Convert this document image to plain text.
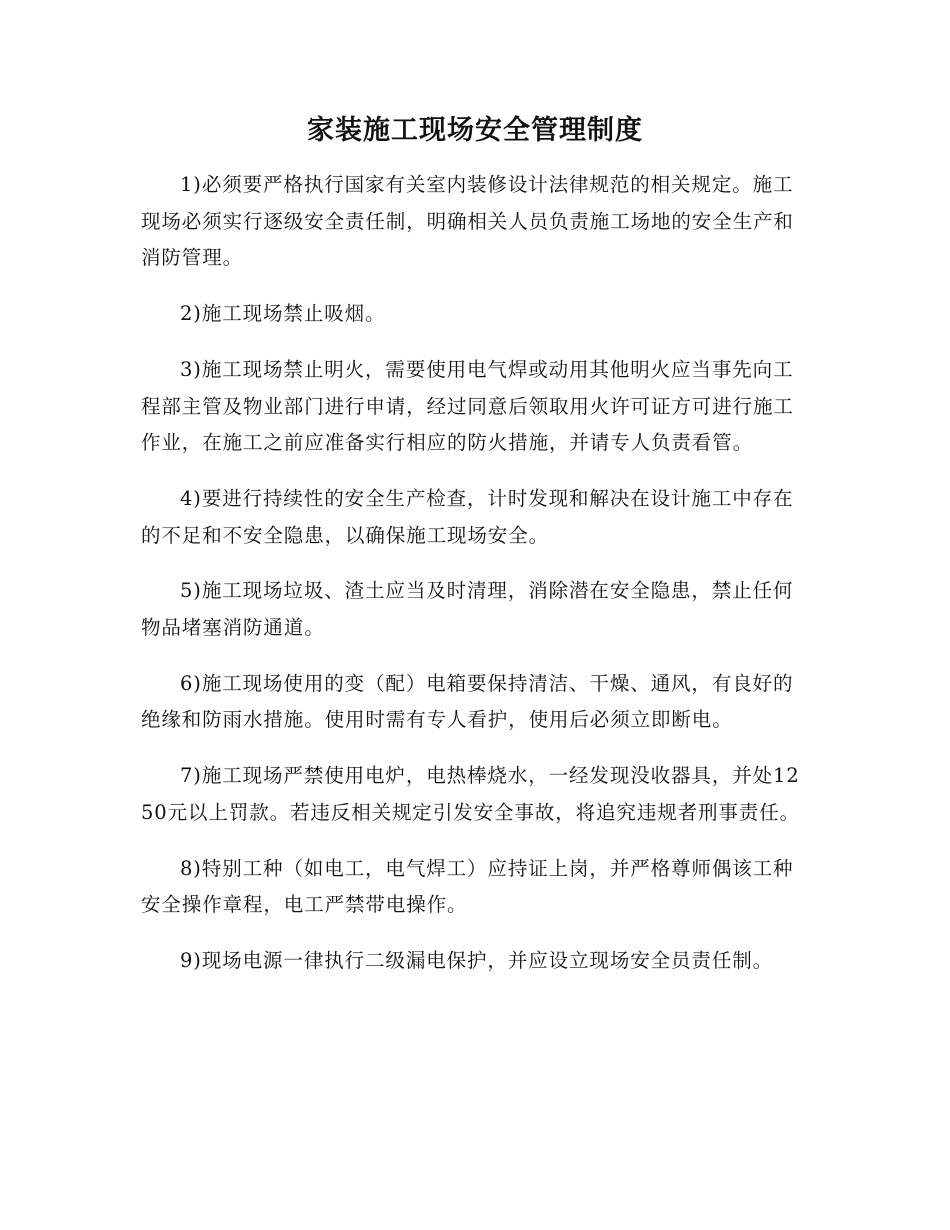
家装施工现场安全管理制度

1)必须要严格执行国家有关室内装修设计法律规范的相关规定。施工现场必须实行逐级安全责任制，明确相关人员负责施工场地的安全生产和消防管理。

2)施工现场禁止吸烟。

3)施工现场禁止明火，需要使用电气焊或动用其他明火应当事先向工程部主管及物业部门进行申请，经过同意后领取用火许可证方可进行施工作业，在施工之前应准备实行相应的防火措施，并请专人负责看管。

4)要进行持续性的安全生产检查，计时发现和解决在设计施工中存在的不足和不安全隐患，以确保施工现场安全。

5)施工现场垃圾、渣土应当及时清理，消除潜在安全隐患，禁止任何物品堵塞消防通道。

6)施工现场使用的变（配）电箱要保持清洁、干燥、通风，有良好的绝缘和防雨水措施。使用时需有专人看护，使用后必须立即断电。

7)施工现场严禁使用电炉，电热棒烧水，一经发现没收器具，并处1250元以上罚款。若违反相关规定引发安全事故，将追究违规者刑事责任。

8)特别工种（如电工，电气焊工）应持证上岗，并严格尊师偶该工种安全操作章程，电工严禁带电操作。

9)现场电源一律执行二级漏电保护，并应设立现场安全员责任制。
